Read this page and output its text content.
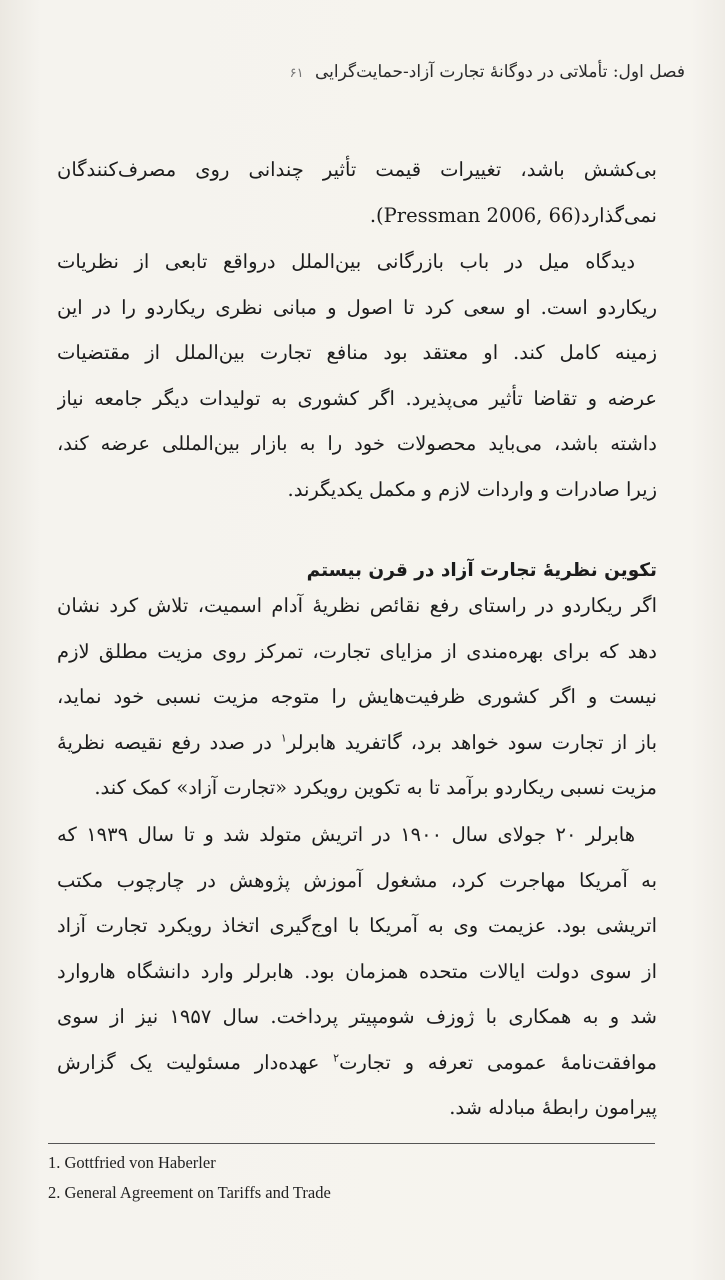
فصل اول: تأملاتی در دوگانهٔ تجارت آزاد-حمایت‌گرایی ۶۱
بی‌کشش باشد، تغییرات قیمت تأثیر چندانی روی مصرف‌کنندگان
نمی‌گذارد(Pressman 2006, 66).
دیدگاه میل در باب بازرگانی بین‌الملل درواقع تابعی از نظریات
ریکاردو است. او سعی کرد تا اصول و مبانی نظری ریکاردو را در این
زمینه کامل کند. او معتقد بود منافع تجارت بین‌الملل از مقتضیات
عرضه و تقاضا تأثیر می‌پذیرد. اگر کشوری به تولیدات دیگر جامعه نیاز
داشته باشد، می‌باید محصولات خود را به بازار بین‌المللی عرضه کند،
زیرا صادرات و واردات لازم و مکمل یکدیگرند.
تکوین نظریهٔ تجارت آزاد در قرن بیستم
اگر ریکاردو در راستای رفع نقائص نظریهٔ آدام اسمیت، تلاش کرد نشان
دهد که برای بهره‌مندی از مزایای تجارت، تمرکز روی مزیت مطلق لازم
نیست و اگر کشوری ظرفیت‌هایش را متوجه مزیت نسبی خود نماید،
باز از تجارت سود خواهد برد، گاتفرید هابرلر$^۱$ در صدد رفع نقیصه نظریهٔ
مزیت نسبی ریکاردو برآمد تا به تکوین رویکرد «تجارت آزاد» کمک کند.
هابرلر ۲۰ جولای سال ۱۹۰۰ در اتریش متولد شد و تا سال ۱۹۳۹ که
به آمریکا مهاجرت کرد، مشغول آموزش پژوهش در چارچوب مکتب
اتریشی بود. عزیمت وی به آمریکا با اوج‌گیری اتخاذ رویکرد تجارت آزاد
از سوی دولت ایالات متحده همزمان بود. هابرلر وارد دانشگاه هاروارد
شد و به همکاری با ژوزف شومپیتر پرداخت. سال ۱۹۵۷ نیز از سوی
موافقت‌نامهٔ عمومی تعرفه و تجارت$^۲$ عهده‌دار مسئولیت یک گزارش
پیرامون رابطهٔ مبادله شد.
1. Gottfried von Haberler
2. General Agreement on Tariffs and Trade
